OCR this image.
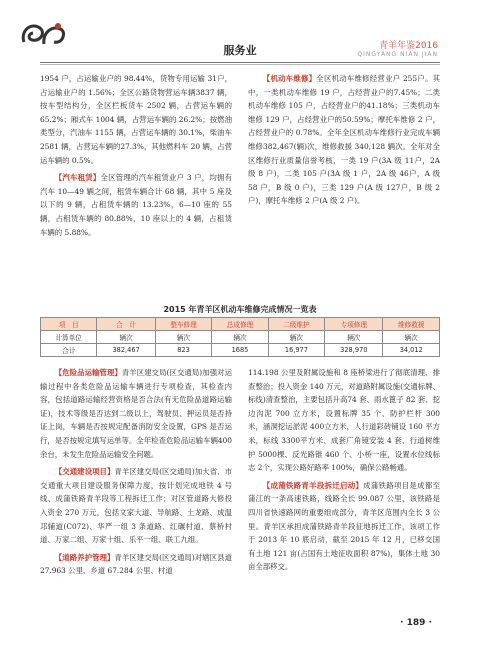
服务业	青羊年鉴2016
QINGYANG NIAN JIAN

1954 户，占运输业户的 98.44%，货物专用运输 31户，占运输业户的 1.56%；全区公路货物营运车辆3837 辆，按车型结构分，全区栏板货车 2502 辆，占营运车辆的 65.2%；厢式车 1004 辆，占营运车辆的 26.2%；按燃油类型分，汽油车 1155 辆，占营运车辆的 30.1%，柴油车 2581 辆，占营运车辆的27.3%，其他燃料车 20 辆，占营运车辆的 0.5%。

【汽车租赁】全区管理的汽车租赁业户 3 户，均拥有汽车 10—49 辆之间，租赁车辆合计 68 辆，其中 5 座及以下的 9 辆，占租赁车辆的 13.23%，6—10 座的 55 辆，占租赁车辆的 80.88%，10 座以上的 4 辆，占租赁车辆的 5.88%。

【机动车维修】全区机动车维修经营业户 255户。其中，一类机动车维修 19 户，占经营业户的7.45%；二类机动车维修 105 户，占经营业户的41.18%；三类机动车维修 129 户，占经营业户的50.59%；摩托车维修 2 户，占经营业户的 0.78%。全年全区机动车维修行业完成车辆维修382,467(辆)次，维修救援 340,128 辆次。全年对全区维修行业质量信誉考核，一类 19 户(3A 级 11户，2A 级 8 户)，二类 105 户(3A 级 1 户，2A 级 46户，A 级 58 户，B 级 0 户)，三类 129 户(A 级 127户，B 级 2 户)，摩托车维修 2 户(A 级 2 户)。

2015 年青羊区机动车维修完成情况一览表
项　目	合　计	整车修理	总成修理	二级维护	专项修理	维修救援
计算单位	辆次	辆次	辆次	辆次	辆次	辆次
合计	382,467	823	1685	16,977	328,970	34,012

【危险品运输管理】青羊区建交局(区交通局)加强对运输过程中各类危险品运输车辆进行专项检查，其检查内容，包括道路运输经营资格是否合法(有无危险品道路运输证)，技术等级是否达到二级以上，驾驶员、押运员是否持证上岗，车辆是否按规定配备消防安全设置，GPS 是否运行，是否按规定填写运单等。全年检查危险品运输车辆400 余台，未发生危险品运输安全问题。

【交通建设项目】青羊区建交局(区交通局)加大省、市交通重大项目建设服务保障力度，按计划完成地铁 4 号线、成蒲铁路青羊段等工程拆迁工作；对区管道路大修投入资金 270 万元，包括文家大道、导航路、土龙路、成温邛辅道(C072)、华严一组 3 条道路、红碾村道、蔡桥村道、万家二组、万家十组、乐平一组、联工九组。

【道路养护管理】青羊区建交局(区交通局)对辖区县道 27.963 公里、乡道 67.284 公里、村道

114.198 公里及附属设施和 8 座桥梁进行了彻底清理、排查整治；投入资金 140 万元，对道路附属设施(交通标牌、标线)清查整治，主要包括升高74 套、雨水篦子 82 套、挖边沟泥 700 立方米，设置标牌 35 个、防护栏杆 300 米，涵洞挖运淤泥 400立方米，人行道彩砖铺设 160 平方米，标线 3300平方米、成套广角镜安装 4 套、行道树维护 5000棵、反光路锥 460 个、小桥一座，设置水位线标志 2个，实现公路好路率 100%，确保公路畅通。

【成蒲铁路青羊段拆迁启动】成蒲铁路项目是成都至蒲江的一条高速铁路，线路全长 99.087 公里，该铁路是四川省快速路网的重要组成部分，青羊区范围内全长 3 公里。青羊区承担成蒲铁路青羊段征地拆迁工作，该项工作于 2013 年 10 底启动，截至 2015 年 12 月，已移交国有土地 121 亩(占国有土地征收面积 87%)，集体土地 30 亩全部移交。

· 189 ·
